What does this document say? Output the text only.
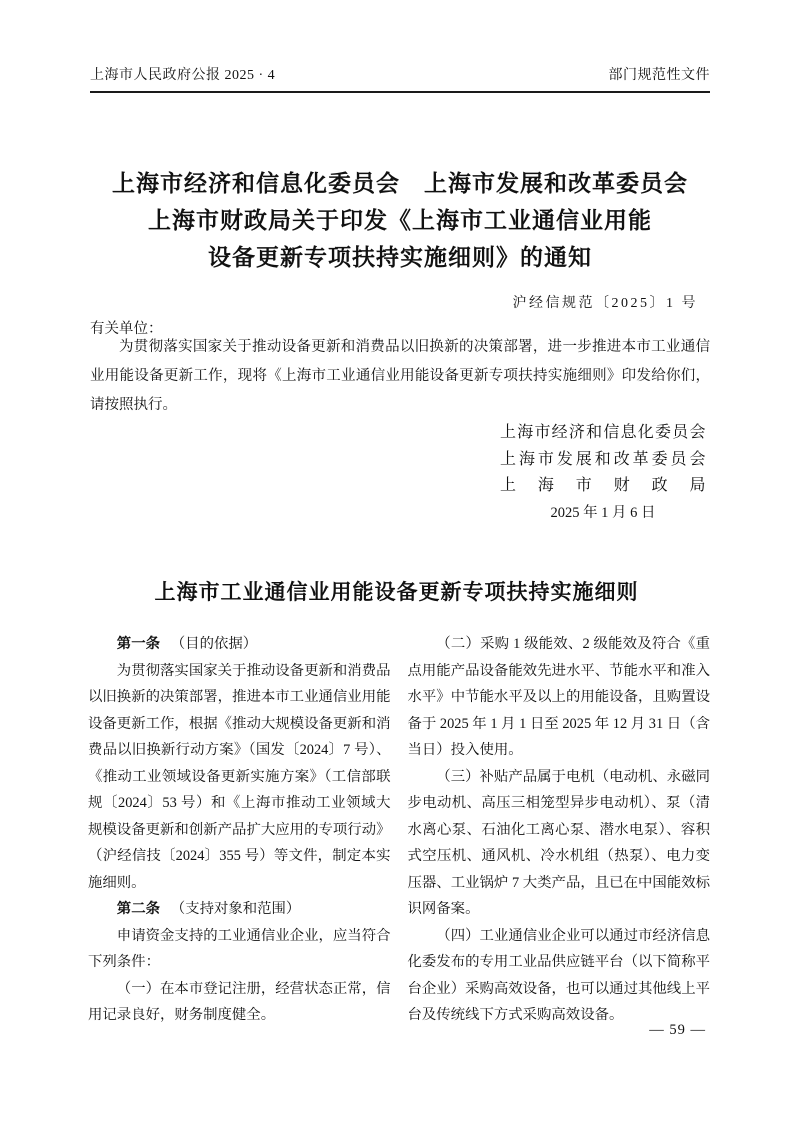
上海市人民政府公报 2025 · 4	部门规范性文件
上海市经济和信息化委员会　上海市发展和改革委员会
上海市财政局关于印发《上海市工业通信业用能
设备更新专项扶持实施细则》的通知
沪经信规范〔2025〕1 号
有关单位：

为贯彻落实国家关于推动设备更新和消费品以旧换新的决策部署，进一步推进本市工业通信业用能设备更新工作，现将《上海市工业通信业用能设备更新专项扶持实施细则》印发给你们，请按照执行。

上海市经济和信息化委员会
上海市发展和改革委员会
上海市财政局
2025 年 1 月 6 日
上海市工业通信业用能设备更新专项扶持实施细则

第一条 （目的依据）

为贯彻落实国家关于推动设备更新和消费品以旧换新的决策部署，推进本市工业通信业用能设备更新工作，根据《推动大规模设备更新和消费品以旧换新行动方案》（国发〔2024〕7 号）、《推动工业领域设备更新实施方案》（工信部联规〔2024〕53 号）和《上海市推动工业领域大规模设备更新和创新产品扩大应用的专项行动》（沪经信技〔2024〕355 号）等文件，制定本实施细则。

第二条 （支持对象和范围）

申请资金支持的工业通信业企业，应当符合下列条件：

（一）在本市登记注册，经营状态正常，信用记录良好，财务制度健全。

（二）采购 1 级能效、2 级能效及符合《重点用能产品设备能效先进水平、节能水平和准入水平》中节能水平及以上的用能设备，且购置设备于 2025 年 1 月 1 日至 2025 年 12 月 31 日（含当日）投入使用。

（三）补贴产品属于电机（电动机、永磁同步电动机、高压三相笼型异步电动机）、泵（清水离心泵、石油化工离心泵、潜水电泵）、容积式空压机、通风机、冷水机组（热泵）、电力变压器、工业锅炉 7 大类产品，且已在中国能效标识网备案。

（四）工业通信业企业可以通过市经济信息化委发布的专用工业品供应链平台（以下简称平台企业）采购高效设备，也可以通过其他线上平台及传统线下方式采购高效设备。

— 59 —
